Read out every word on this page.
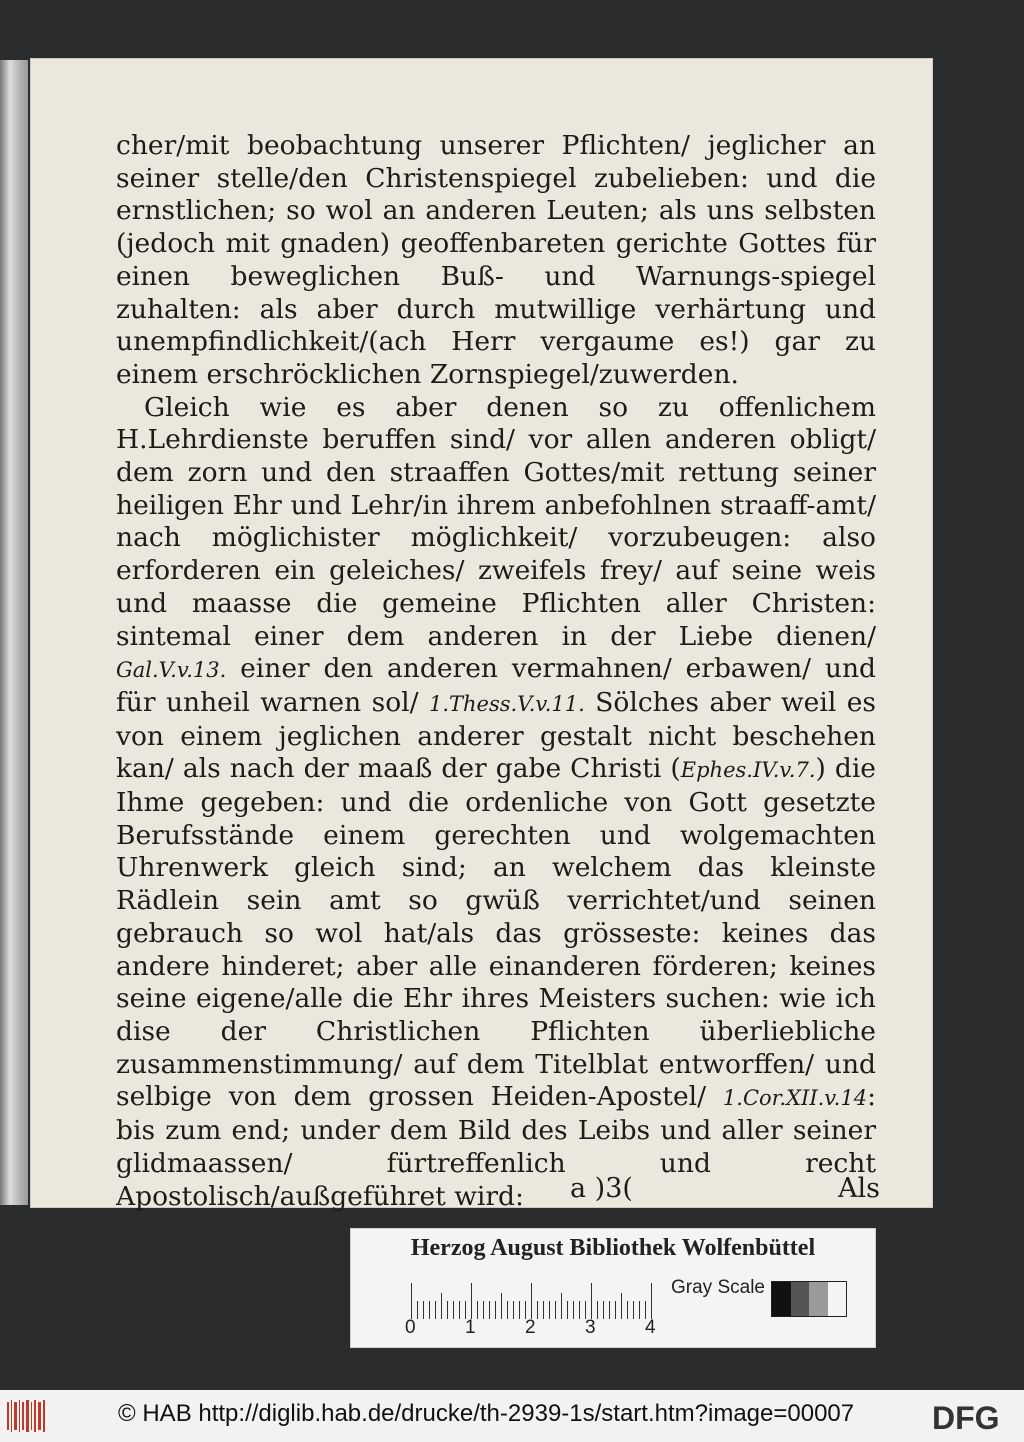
cher/mit beobachtung unserer Pflichten/ jeglicher an seiner stelle/den Christenspiegel zubelieben: und die ernstlichen; so wol an anderen Leuten; als uns selbsten (jedoch mit gnaden) geoffenbareten gerichte Gottes für einen beweglichen Buß- und Warnungs-spiegel zuhalten: als aber durch mutwillige verhärtung und unempfindlichkeit/(ach Herr vergaume es!) gar zu einem erschröcklichen Zornspiegel/zuwerden.

Gleich wie es aber denen so zu offenlichem H.Lehrdienste beruffen sind/ vor allen anderen obligt/ dem zorn und den straaffen Gottes/mit rettung seiner heiligen Ehr und Lehr/in ihrem anbefohlnen straaff-amt/ nach möglichister möglichkeit/ vorzubeugen: also erforderen ein geleiches/ zweifels frey/ auf seine weis und maasse die gemeine Pflichten aller Christen: sintemal einer dem anderen in der Liebe dienen/ Gal.V.v.13. einer den anderen vermahnen/ erbawen/ und für unheil warnen sol/ 1.Thess.V.v.11. Sölches aber weil es von einem jeglichen anderer gestalt nicht beschehen kan/ als nach der maaß der gabe Christi (Ephes.IV.v.7.) die Ihme gegeben: und die ordenliche von Gott gesetzte Berufsstände einem gerechten und wolgemachten Uhrenwerk gleich sind; an welchem das kleinste Rädlein sein amt so gwüß verrichtet/und seinen gebrauch so wol hat/als das grösseste: keines das andere hinderet; aber alle einanderen förderen; keines seine eigene/alle die Ehr ihres Meisters suchen: wie ich dise der Christlichen Pflichten überliebliche zusammenstimmung/ auf dem Titelblat entworffen/ und selbige von dem grossen Heiden-Apostel/ 1.Cor.XII.v.14: bis zum end; under dem Bild des Leibs und aller seiner glidmaassen/ fürtreffenlich und recht Apostolisch/außgeführet wird:	a )3(	Als
Herzog August Bibliothek Wolfenbüttel
0	1	2	3	4
Gray Scale
© HAB http://diglib.hab.de/drucke/th-2939-1s/start.htm?image=00007 DFG
